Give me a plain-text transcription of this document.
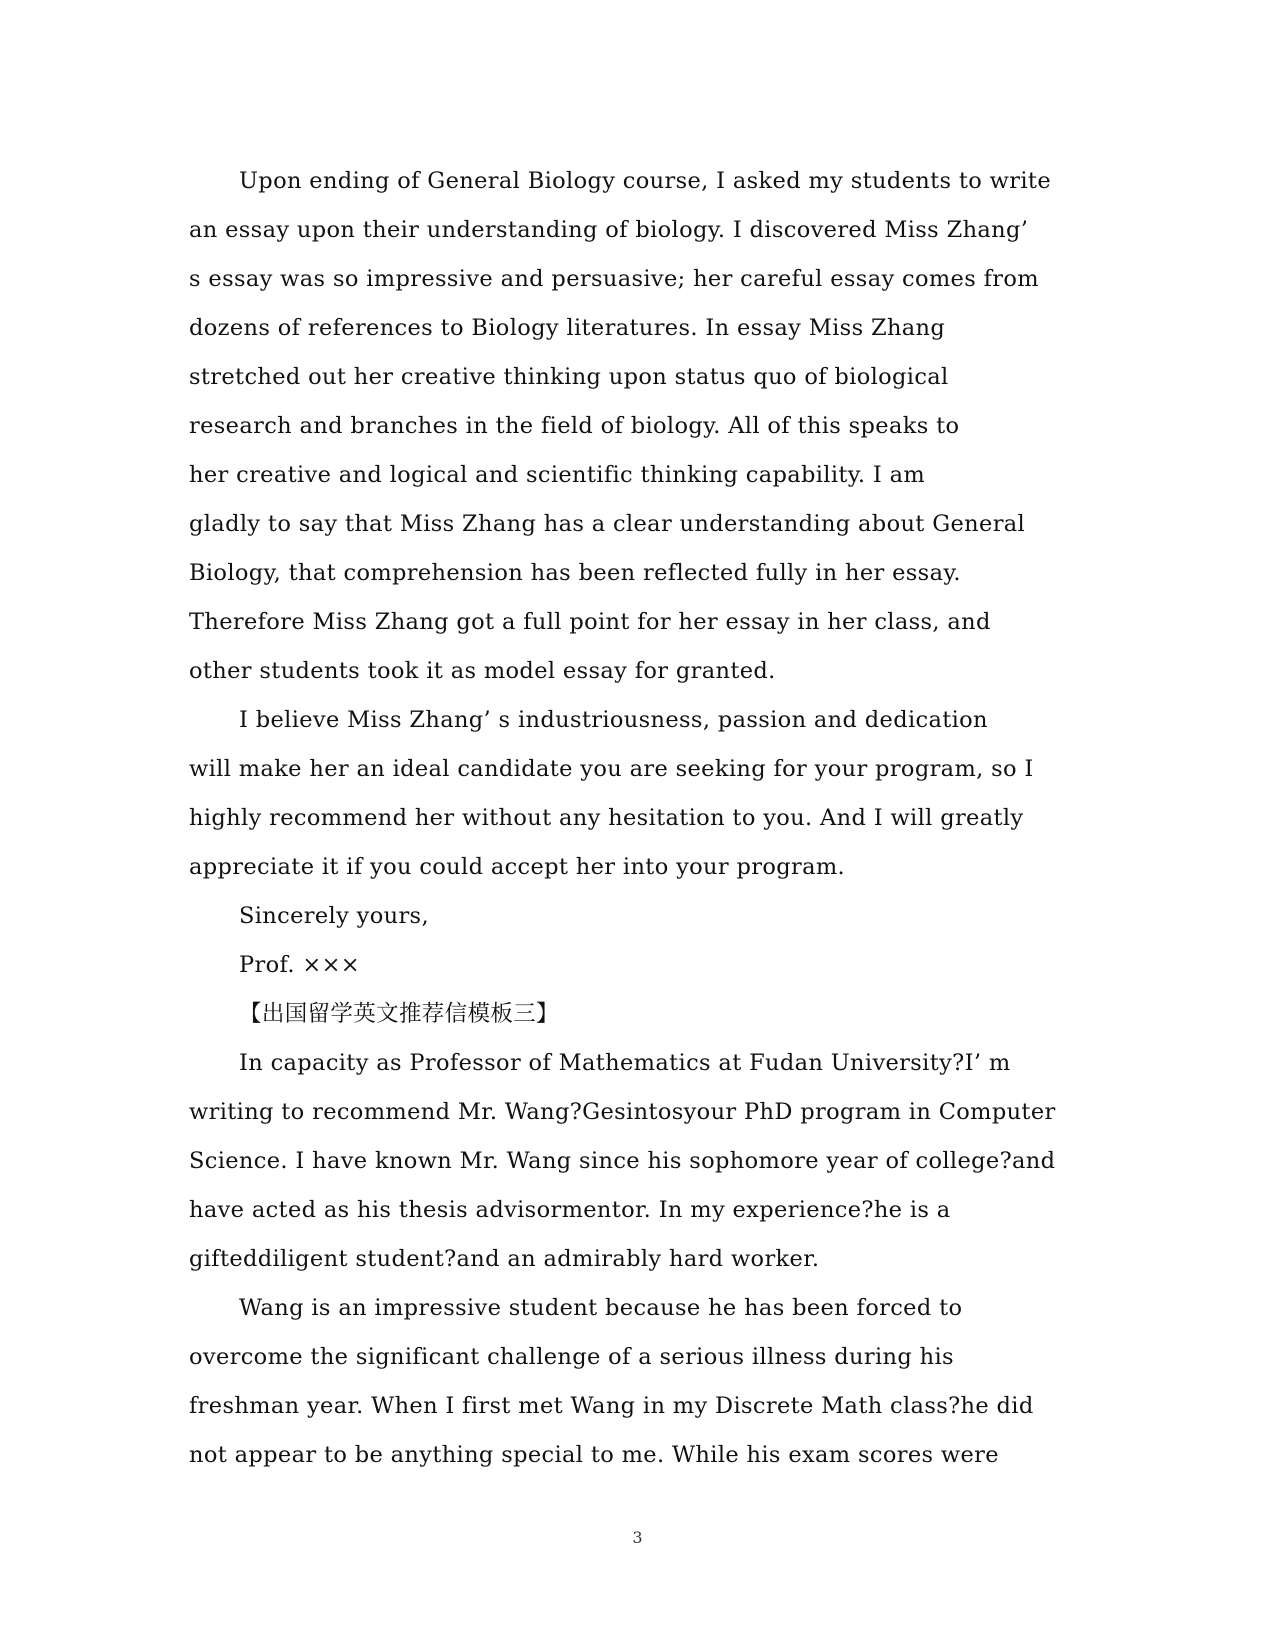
Upon ending of General Biology course, I asked my students to write
an essay upon their understanding of biology. I discovered Miss Zhang’
s essay was so impressive and persuasive; her careful essay comes from
dozens of references to Biology literatures. In essay Miss Zhang
stretched out her creative thinking upon status quo of biological
research and branches in the field of biology. All of this speaks to
her creative and logical and scientific thinking capability. I am
gladly to say that Miss Zhang has a clear understanding about General
Biology, that comprehension has been reflected fully in her essay.
Therefore Miss Zhang got a full point for her essay in her class, and
other students took it as model essay for granted.
I believe Miss Zhang’ s industriousness, passion and dedication
will make her an ideal candidate you are seeking for your program, so I
highly recommend her without any hesitation to you. And I will greatly
appreciate it if you could accept her into your program.
Sincerely yours,
Prof. ×××
【出国留学英文推荐信模板三】
In capacity as Professor of Mathematics at Fudan University?I’ m
writing to recommend Mr. Wang?Gesintosyour PhD program in Computer
Science. I have known Mr. Wang since his sophomore year of college?and
have acted as his thesis advisormentor. In my experience?he is a
gifteddiligent student?and an admirably hard worker.
Wang is an impressive student because he has been forced to
overcome the significant challenge of a serious illness during his
freshman year. When I first met Wang in my Discrete Math class?he did
not appear to be anything special to me. While his exam scores were
3
